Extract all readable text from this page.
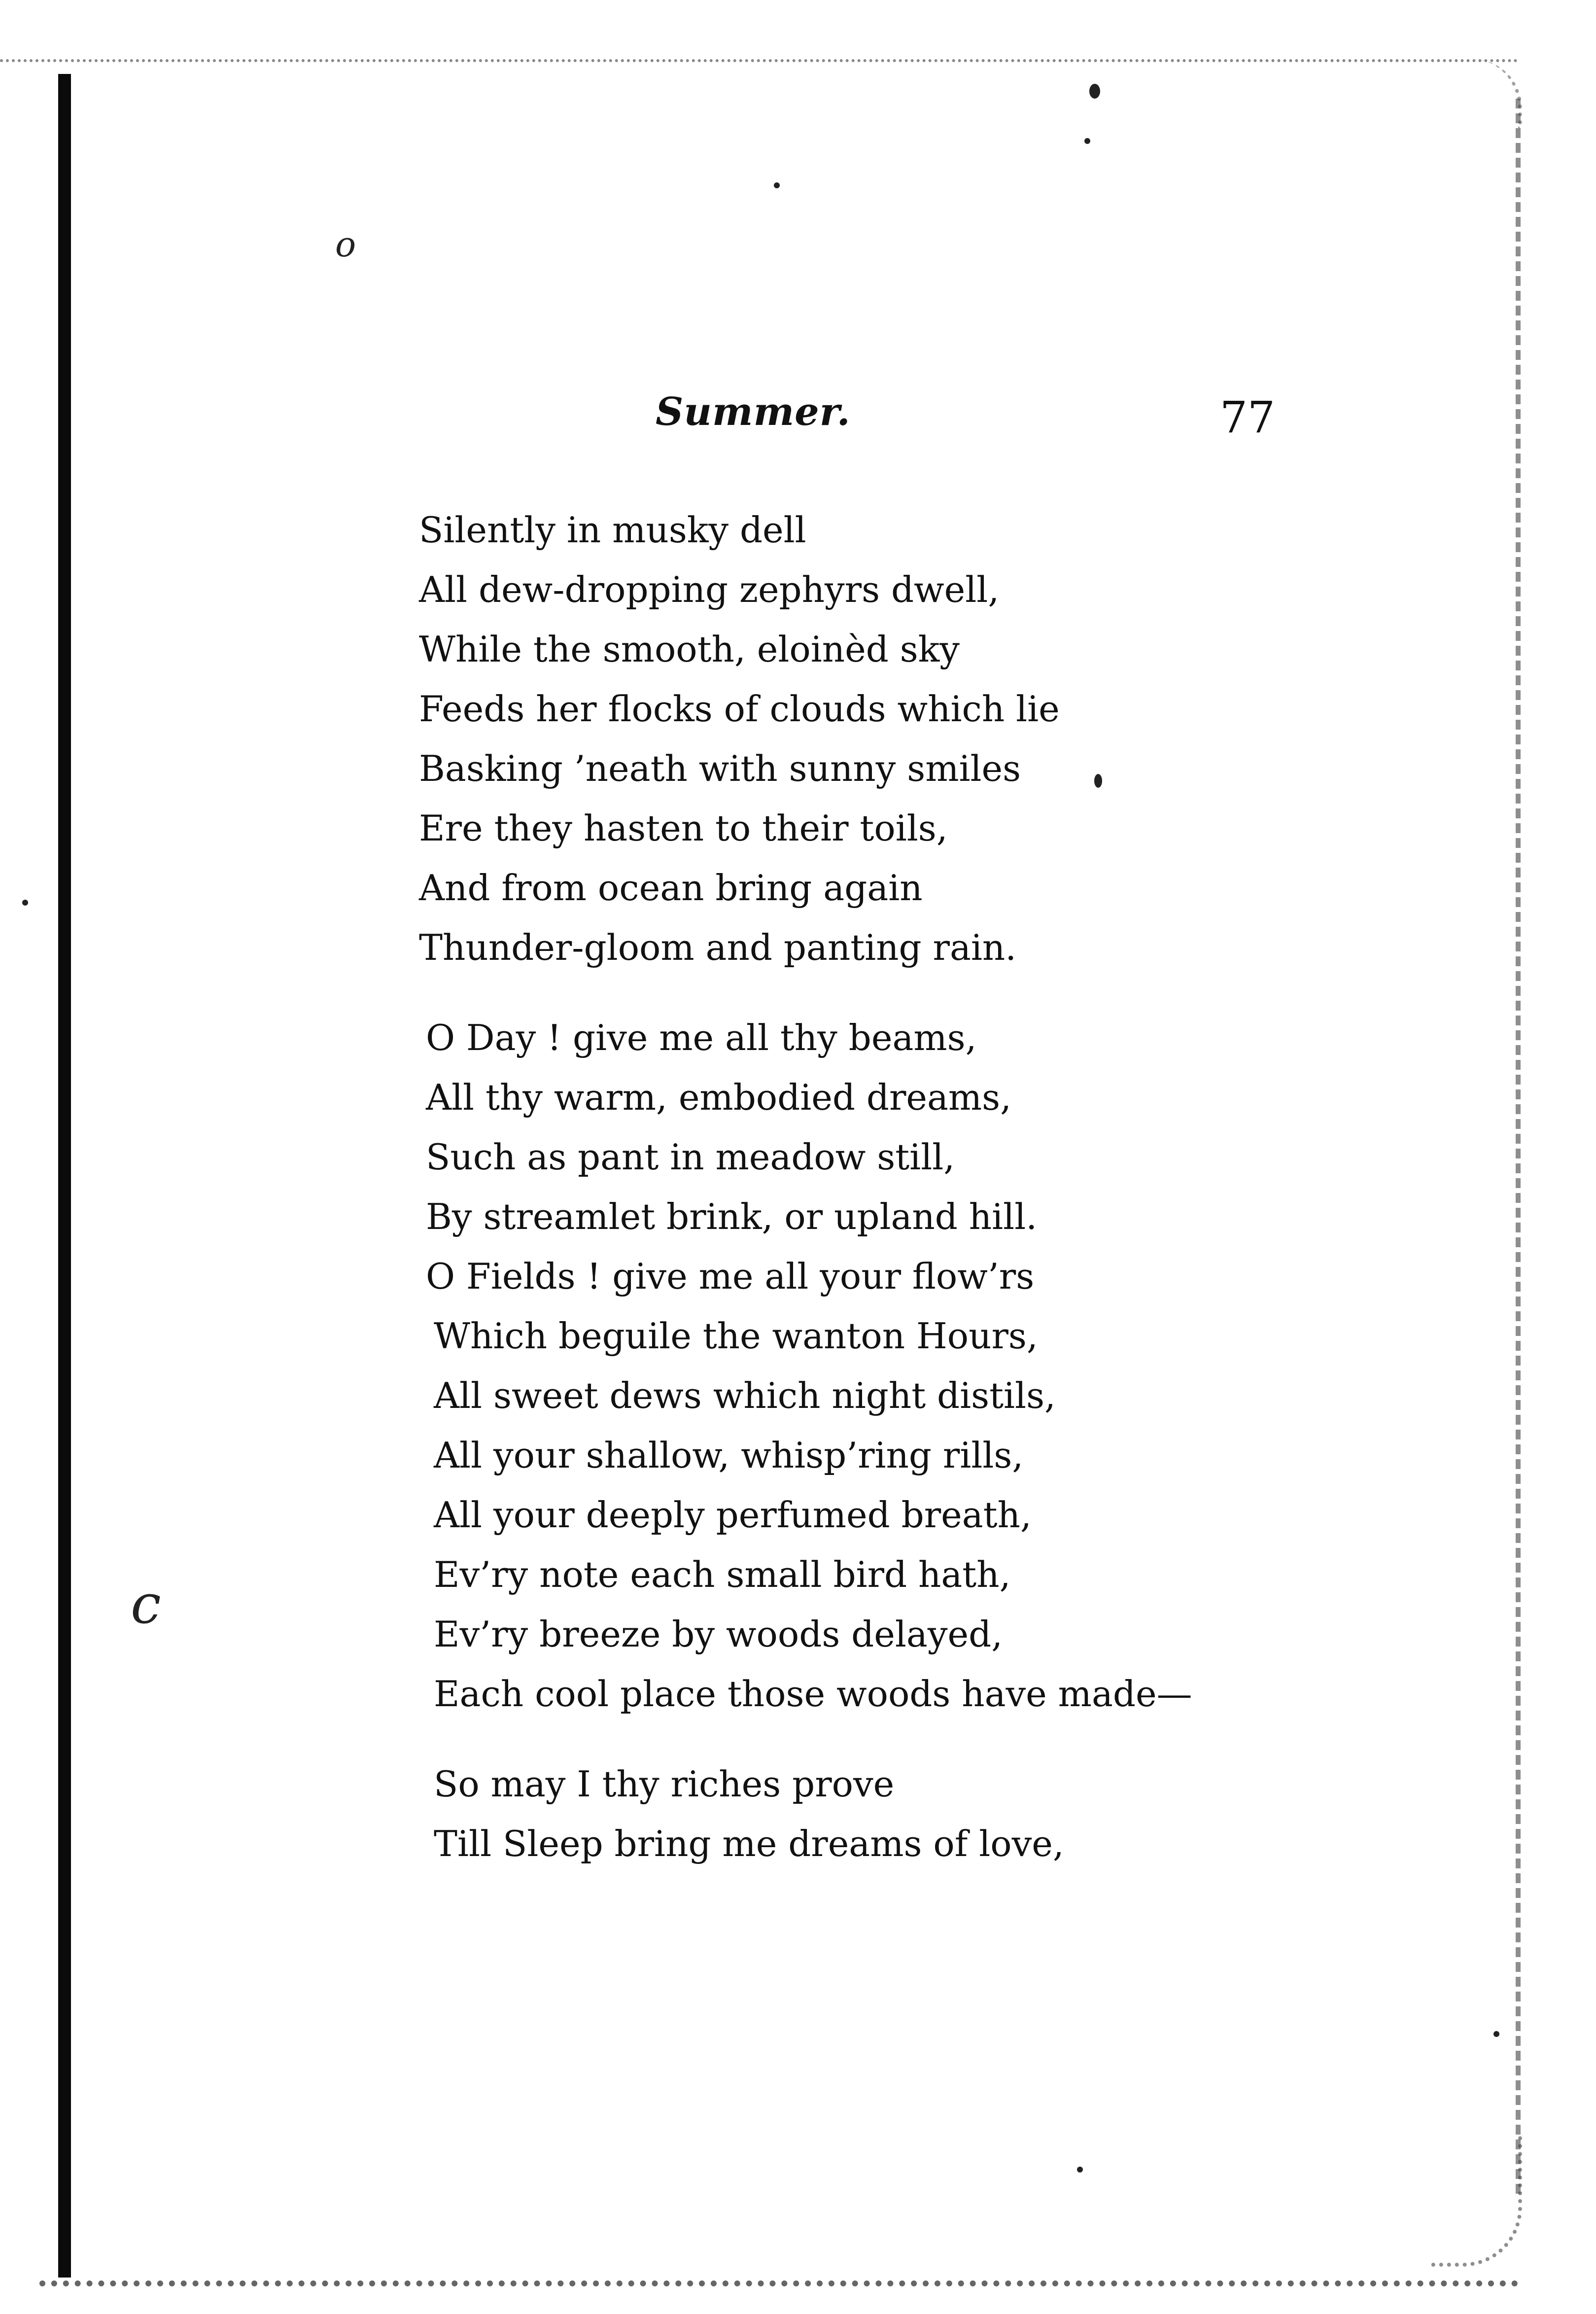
o
c
Summer.	77
Silently in musky dell
All dew-dropping zephyrs dwell,
While the smooth, eloinèd sky
Feeds her flocks of clouds which lie
Basking ’neath with sunny smiles
Ere they hasten to their toils,
And from ocean bring again
Thunder-gloom and panting rain.
O Day ! give me all thy beams,
All thy warm, embodied dreams,
Such as pant in meadow still,
By streamlet brink, or upland hill.
O Fields ! give me all your flow’rs
Which beguile the wanton Hours,
All sweet dews which night distils,
All your shallow, whisp’ring rills,
All your deeply perfumed breath,
Ev’ry note each small bird hath,
Ev’ry breeze by woods delayed,
Each cool place those woods have made—
So may I thy riches prove
Till Sleep bring me dreams of love,
